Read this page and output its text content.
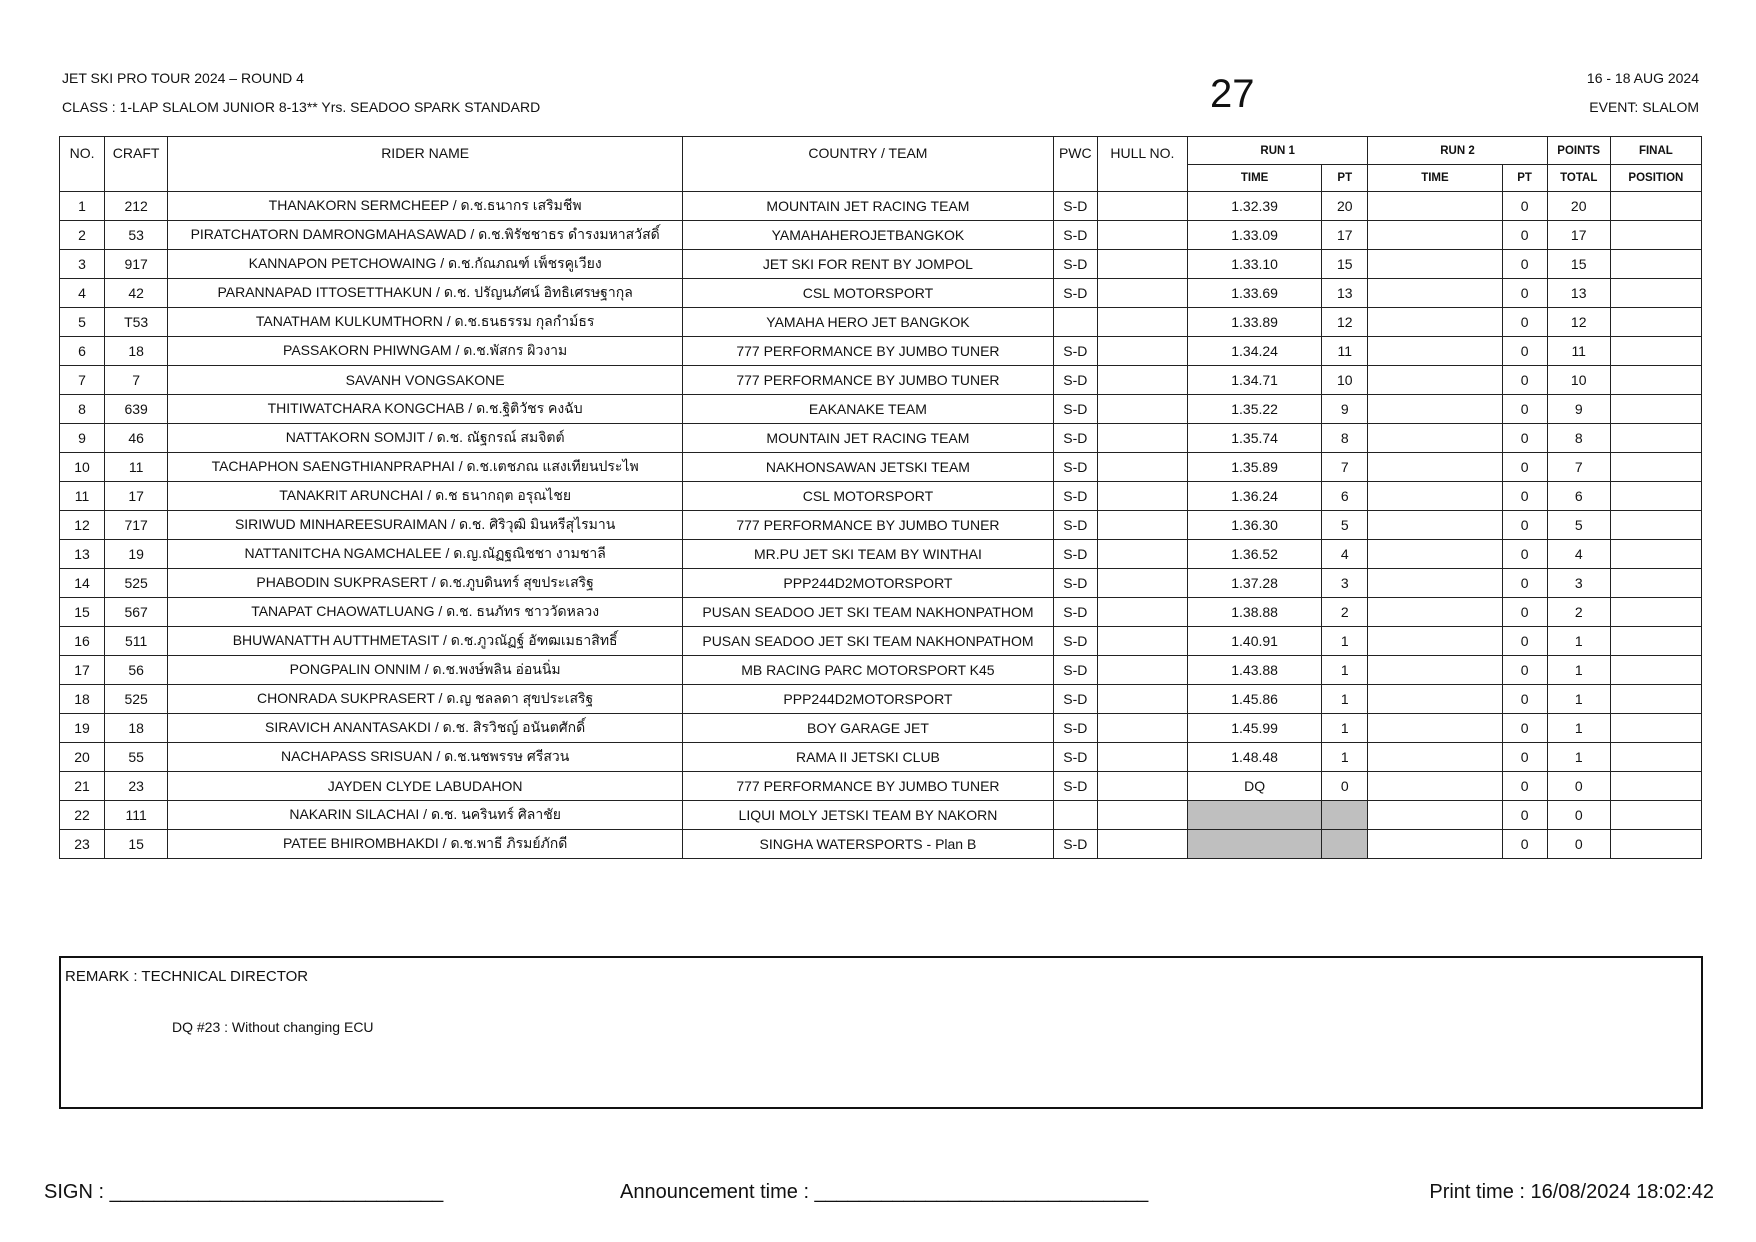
JET SKI PRO TOUR 2024 – ROUND 4
CLASS : 1-LAP SLALOM JUNIOR 8-13** Yrs. SEADOO SPARK STANDARD	27	16 - 18 AUG 2024
EVENT: SLALOM
NO.	CRAFT	RIDER NAME	COUNTRY / TEAM	PWC	HULL NO.	RUN 1		RUN 2		POINTS	FINAL
						TIME	PT	TIME	PT	TOTAL	POSITION
1	212	THANAKORN SERMCHEEP / ด.ช.ธนากร เสริมชีพ	MOUNTAIN JET RACING TEAM	S-D		1.32.39	20		0	20	
2	53	PIRATCHATORN DAMRONGMAHASAWAD / ด.ช.พิรัชชาธร ดำรงมหาสวัสดิ์	YAMAHAHEROJETBANGKOK	S-D		1.33.09	17		0	17	
3	917	KANNAPON PETCHOWAING / ด.ช.กัณภณฑ์ เพ็ชรคูเวียง	JET SKI FOR RENT BY JOMPOL	S-D		1.33.10	15		0	15	
4	42	PARANNAPAD ITTOSETTHAKUN / ด.ช. ปรัญนภัศน์ อิทธิเศรษฐากุล	CSL MOTORSPORT	S-D		1.33.69	13		0	13	
5	T53	TANATHAM KULKUMTHORN / ด.ช.ธนธรรม กุลกำม์ธร	YAMAHA HERO JET BANGKOK			1.33.89	12		0	12	
6	18	PASSAKORN PHIWNGAM / ด.ช.พัสกร ผิวงาม	777 PERFORMANCE BY JUMBO TUNER	S-D		1.34.24	11		0	11	
7	7	SAVANH VONGSAKONE	777 PERFORMANCE BY JUMBO TUNER	S-D		1.34.71	10		0	10	
8	639	THITIWATCHARA KONGCHAB / ด.ช.ฐิติวัชร คงฉับ	EAKANAKE TEAM	S-D		1.35.22	9		0	9	
9	46	NATTAKORN SOMJIT / ด.ช. ณัฐกรณ์ สมจิตต์	MOUNTAIN JET RACING TEAM	S-D		1.35.74	8		0	8	
10	11	TACHAPHON SAENGTHIANPRAPHAI / ด.ช.เตชภณ แสงเทียนประไพ	NAKHONSAWAN JETSKI TEAM	S-D		1.35.89	7		0	7	
11	17	TANAKRIT ARUNCHAI / ด.ช ธนากฤต อรุณไชย	CSL MOTORSPORT	S-D		1.36.24	6		0	6	
12	717	SIRIWUD MINHAREESURAIMAN / ด.ช. ศิริวุฒิ มินหรีสุไรมาน	777 PERFORMANCE BY JUMBO TUNER	S-D		1.36.30	5		0	5	
13	19	NATTANITCHA NGAMCHALEE / ด.ญ.ณัฏฐณิชชา งามชาลี	MR.PU JET SKI TEAM BY WINTHAI	S-D		1.36.52	4		0	4	
14	525	PHABODIN SUKPRASERT / ด.ช.ภูบดินทร์ สุขประเสริฐ	PPP244D2MOTORSPORT	S-D		1.37.28	3		0	3	
15	567	TANAPAT CHAOWATLUANG / ด.ช. ธนภัทร ชาววัดหลวง	PUSAN SEADOO JET SKI TEAM NAKHONPATHOM	S-D		1.38.88	2		0	2	
16	511	BHUWANATTH AUTTHMETASIT / ด.ช.ภูวณัฏฐ์ อัฑฒเมธาสิทธิ์	PUSAN SEADOO JET SKI TEAM NAKHONPATHOM	S-D		1.40.91	1		0	1	
17	56	PONGPALIN ONNIM / ด.ช.พงษ์พลิน อ่อนนิ่ม	MB RACING PARC MOTORSPORT K45	S-D		1.43.88	1		0	1	
18	525	CHONRADA SUKPRASERT / ด.ญ ชลลดา สุขประเสริฐ	PPP244D2MOTORSPORT	S-D		1.45.86	1		0	1	
19	18	SIRAVICH ANANTASAKDI / ด.ช. สิรวิชญ์ อนันตศักดิ์	BOY GARAGE JET	S-D		1.45.99	1		0	1	
20	55	NACHAPASS SRISUAN / ด.ช.นชพรรษ ศรีสวน	RAMA II JETSKI CLUB	S-D		1.48.48	1		0	1	
21	23	JAYDEN CLYDE LABUDAHON	777 PERFORMANCE BY JUMBO TUNER	S-D		DQ	0		0	0	
22	111	NAKARIN SILACHAI / ด.ช. นครินทร์ ศิลาชัย	LIQUI MOLY JETSKI TEAM BY NAKORN						0	0	
23	15	PATEE BHIROMBHAKDI / ด.ช.พาธี ภิรมย์ภักดี	SINGHA WATERSPORTS - Plan B	S-D					0	0	
REMARK : TECHNICAL DIRECTOR
DQ #23 : Without changing ECU
SIGN : ______________________________	Announcement time : ______________________________	Print time : 16/08/2024 18:02:42
